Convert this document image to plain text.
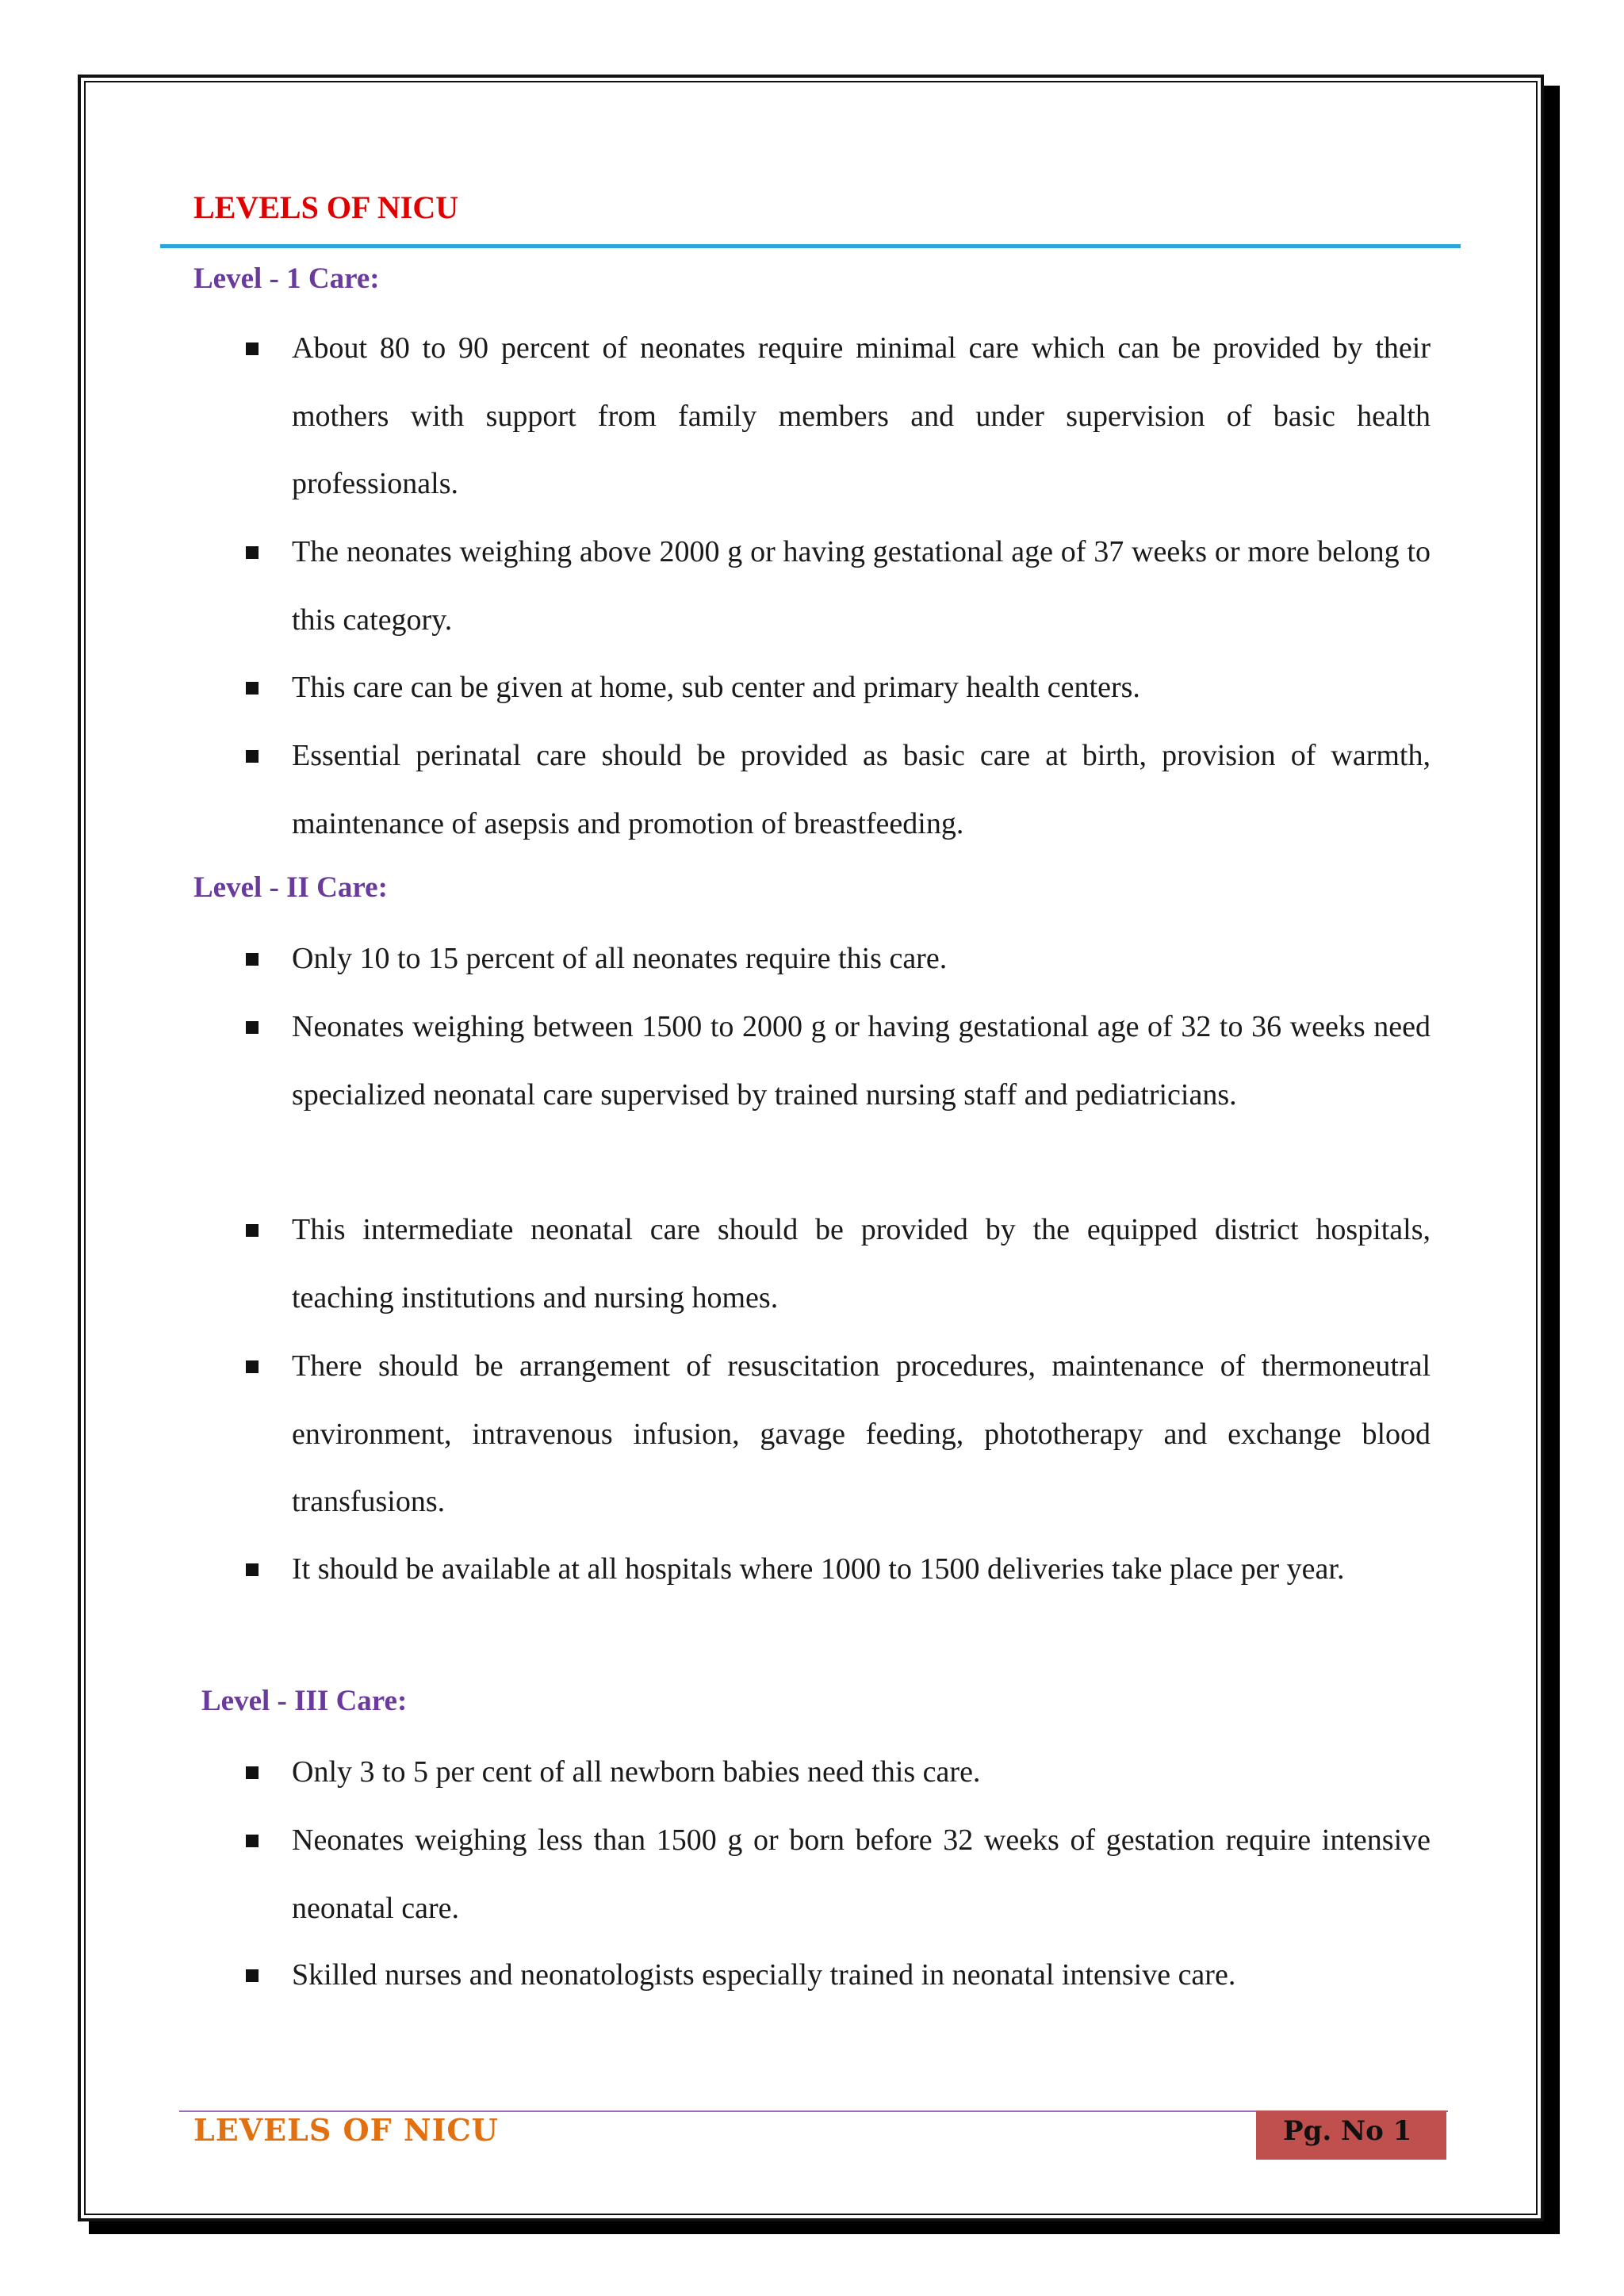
LEVELS OF NICU
Level - 1 Care:

About 80 to 90 percent of neonates require minimal care which can be provided by their mothers with support from family members and under supervision of basic health professionals.

The neonates weighing above 2000 g or having gestational age of 37 weeks or more belong to this category.

This care can be given at home, sub center and primary health centers.

Essential perinatal care should be provided as basic care at birth, provision of warmth, maintenance of asepsis and promotion of breastfeeding.

Level - II Care:

Only 10 to 15 percent of all neonates require this care.

Neonates weighing between 1500 to 2000 g or having gestational age of 32 to 36 weeks need specialized neonatal care supervised by trained nursing staff and pediatricians.

This intermediate neonatal care should be provided by the equipped district hospitals, teaching institutions and nursing homes.

There should be arrangement of resuscitation procedures, maintenance of thermoneutral environment, intravenous infusion, gavage feeding, phototherapy and exchange blood transfusions.

It should be available at all hospitals where 1000 to 1500 deliveries take place per year.

Level - III Care:

Only 3 to 5 per cent of all newborn babies need this care.

Neonates weighing less than 1500 g or born before 32 weeks of gestation require intensive neonatal care.

Skilled nurses and neonatologists especially trained in neonatal intensive care.

LEVELS OF NICU	Pg. No 1
